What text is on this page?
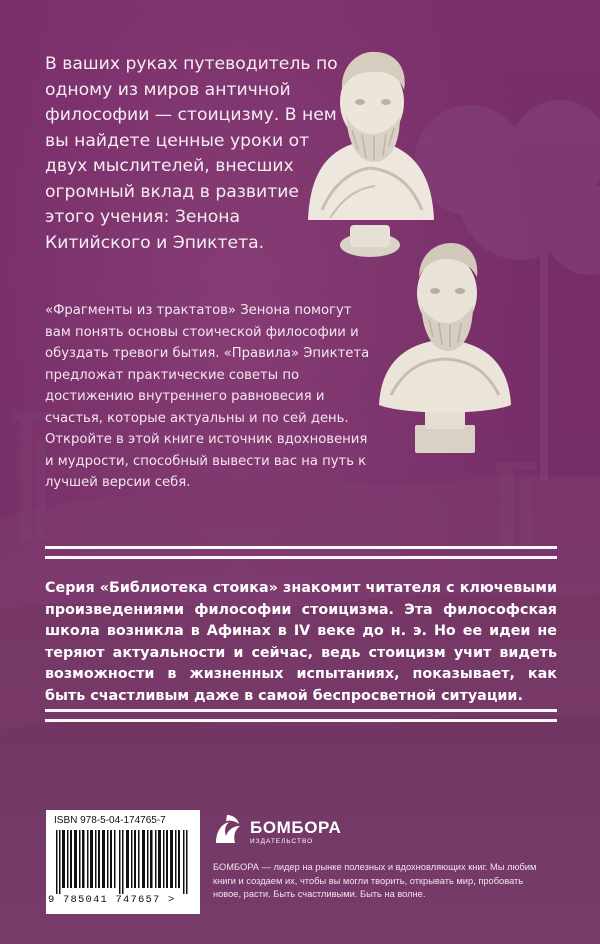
В ваших руках путеводитель по одному из миров античной философии — стоицизму. В нем вы найдете ценные уроки от двух мыслителей, внесших огромный вклад в развитие этого учения: Зенона Китийского и Эпиктета.

«Фрагменты из трактатов» Зенона помогут вам понять основы стоической философии и обуздать тревоги бытия. «Правила» Эпиктета предложат практические советы по достижению внутреннего равновесия и счастья, которые актуальны и по сей день. Откройте в этой книге источник вдохновения и мудрости, способный вывести вас на путь к лучшей версии себя.

Серия «Библиотека стоика» знакомит читателя с ключевыми произведениями философии стоицизма. Эта философская школа возникла в Афинах в IV веке до н. э. Но ее идеи не теряют актуальности и сейчас, ведь стоицизм учит видеть возможности в жизненных испытаниях, показывает, как быть счастливым даже в самой беспросветной ситуации.

ISBN 978-5-04-174765-7
9 785041 747657 >
БОМБОРА
ИЗДАТЕЛЬСТВО

БОМБОРА — лидер на рынке полезных и вдохновляющих книг. Мы любим книги и создаем их, чтобы вы могли творить, открывать мир, пробовать новое, расти. Быть счастливыми. Быть на волне.
